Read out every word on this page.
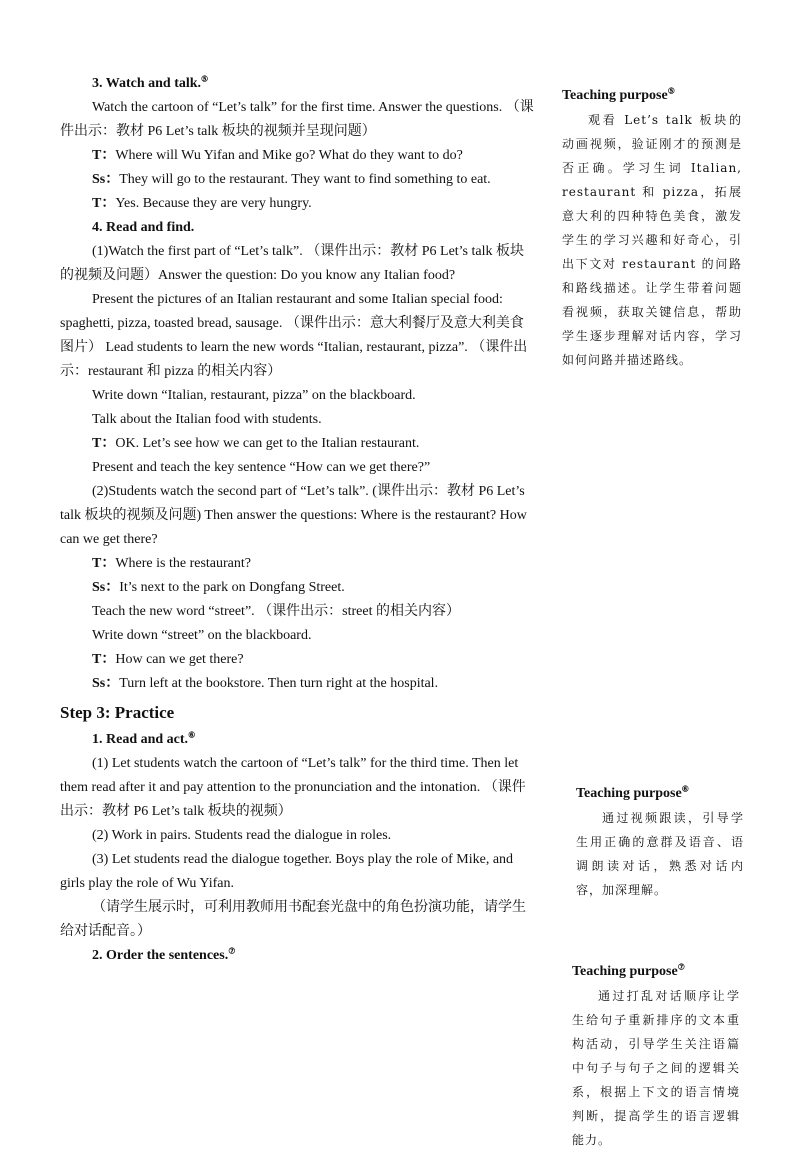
3. Watch and talk.⑤

Watch the cartoon of “Let’s talk” for the first time. Answer the questions. （课件出示：教材 P6 Let’s talk 板块的视频并呈现问题）

T：Where will Wu Yifan and Mike go? What do they want to do?

Ss：They will go to the restaurant. They want to find something to eat.

T：Yes. Because they are very hungry.

4. Read and find.

(1)Watch the first part of “Let’s talk”. （课件出示：教材 P6 Let’s talk 板块的视频及问题）Answer the question: Do you know any Italian food?

Present the pictures of an Italian restaurant and some Italian special food: spaghetti, pizza, toasted bread, sausage. （课件出示：意大利餐厅及意大利美食图片） Lead students to learn the new words “Italian, restaurant, pizza”. （课件出示：restaurant 和 pizza 的相关内容）

Write down “Italian, restaurant, pizza” on the blackboard.

Talk about the Italian food with students.

T：OK. Let’s see how we can get to the Italian restaurant.

Present and teach the key sentence “How can we get there?”

(2)Students watch the second part of “Let’s talk”. (课件出示：教材 P6 Let’s talk 板块的视频及问题) Then answer the questions: Where is the restaurant? How can we get there?

T：Where is the restaurant?

Ss：It’s next to the park on Dongfang Street.

Teach the new word “street”. （课件出示：street 的相关内容）

Write down “street” on the blackboard.

T：How can we get there?

Ss：Turn left at the bookstore. Then turn right at the hospital.

Step 3: Practice

1. Read and act.⑥

(1) Let students watch the cartoon of “Let’s talk” for the third time. Then let them read after it and pay attention to the pronunciation and the intonation. （课件出示：教材 P6 Let’s talk 板块的视频）

(2) Work in pairs. Students read the dialogue in roles.

(3) Let students read the dialogue together. Boys play the role of Mike, and girls play the role of Wu Yifan.

（请学生展示时，可利用教师用书配套光盘中的角色扮演功能，请学生给对话配音。）

2. Order the sentences.⑦

Teaching purpose⑤

观看 Let’s talk 板块的动画视频，验证刚才的预测是否正确。学习生词 Italian, restaurant 和 pizza，拓展意大利的四种特色美食，激发学生的学习兴趣和好奇心，引出下文对 restaurant 的问路和路线描述。让学生带着问题看视频，获取关键信息，帮助学生逐步理解对话内容，学习如何问路并描述路线。

Teaching purpose⑥

通过视频跟读，引导学生用正确的意群及语音、语调朗读对话，熟悉对话内容，加深理解。

Teaching purpose⑦

通过打乱对话顺序让学生给句子重新排序的文本重构活动，引导学生关注语篇中句子与句子之间的逻辑关系，根据上下文的语言情境判断，提高学生的语言逻辑能力。
